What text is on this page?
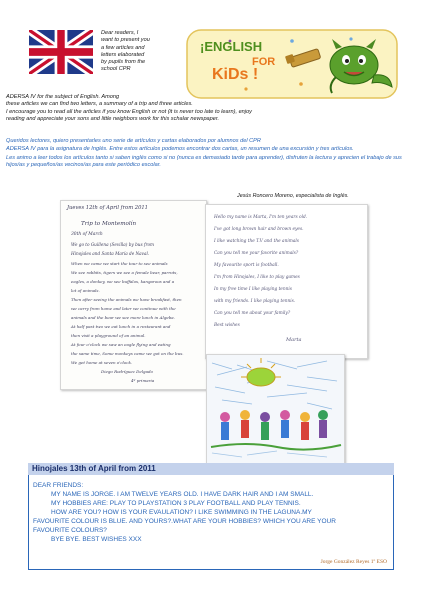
Dear readers, I
want to present you
a few articles and
letters elaborated
by pupils from the
school CPR
¡ENGLISH
FOR
KiDs !
ADERSA IV for the subject of English. Among
these articles we can find two letters, a summary of a trip and three articles.
I encourage you to read all the articles if you know English or not (it is never too late to learn), enjoy
reading and appreciate your sons and little neighbors work for this schalar newspaper.

Queridos lectores, quiero presentarles uno serie de artículos y cartas elaborados por alumnos del CPR

ADERSA IV para la asignatura de Inglés. Entre estos artículos podemos encontrar dos cartas, un resumen de una excursión y tres artículos.

Les animo a leer todos los artículos tanto si saben inglés como si no (nunca es demasiado tarde para aprender), disfruten la lectura y aprecien el trabajo de sus hijos/as y pequeños/as vecinos/as para este periódico escolar.

Jesús Roncero Moreno, especialista de Inglés.
Jueves 12th of April from 2011
Trip to Montemolín
30th of March
We go to Guillena (Sevilla) by bus from
Hinojales and Santa María de Naval.
When we came we start the tour to see animals
We see rabbits, tigers we see a female bear, parrots,
eagles, a donkey, we see buffalos, kangaroos and a
lot of animals.
Then after seeing the animals we have breakfast, then
we carry from home and later we continue with the
animals and the bear we see more lunch in Algeba.
At half past two we eat lunch in a restaurant and
then visit a playground of an animal.
At four o'clock we saw an eagle flying and eating
the same time, Some monkeys came we got on the bus.
We get home at seven o'clock.
Diego Rodríguez Delgado
4º primaria
Hello my name is Marta, I'm ten years old.
I've got long brown hair and brown eyes.
I like watching the T.V and the animals
Can you tell me your favorite animals?
My favourite sport is football.
I'm from Hinojales, I like to play games
In my free time I like playing tennis
with my friends. I like playing tennis.
Can you tell me about your family?
Best wishes
Marta
Hinojales 13th of April from 2011
DEAR FRIENDS:
MY NAME IS JORGE. I AM TWELVE YEARS OLD. I HAVE DARK HAIR AND I AM SMALL.
MY HOBBIES ARE: PLAY TO PLAYSTATION 3 PLAY FOOTBALL AND PLAY TENNIS.
HOW ARE YOU? HOW IS YOUR EVAULATION? I LIKE SWIMMING IN THE LAGUNA.MY
FAVOURITE COLOUR IS BLUE. AND YOURS?.WHAT ARE YOUR HOBBIES? WHICH YOU ARE YOUR
FAVOURITE COLOURS?
BYE BYE. BEST WISHES XXX
Jorge González Reyes 1º ESO
